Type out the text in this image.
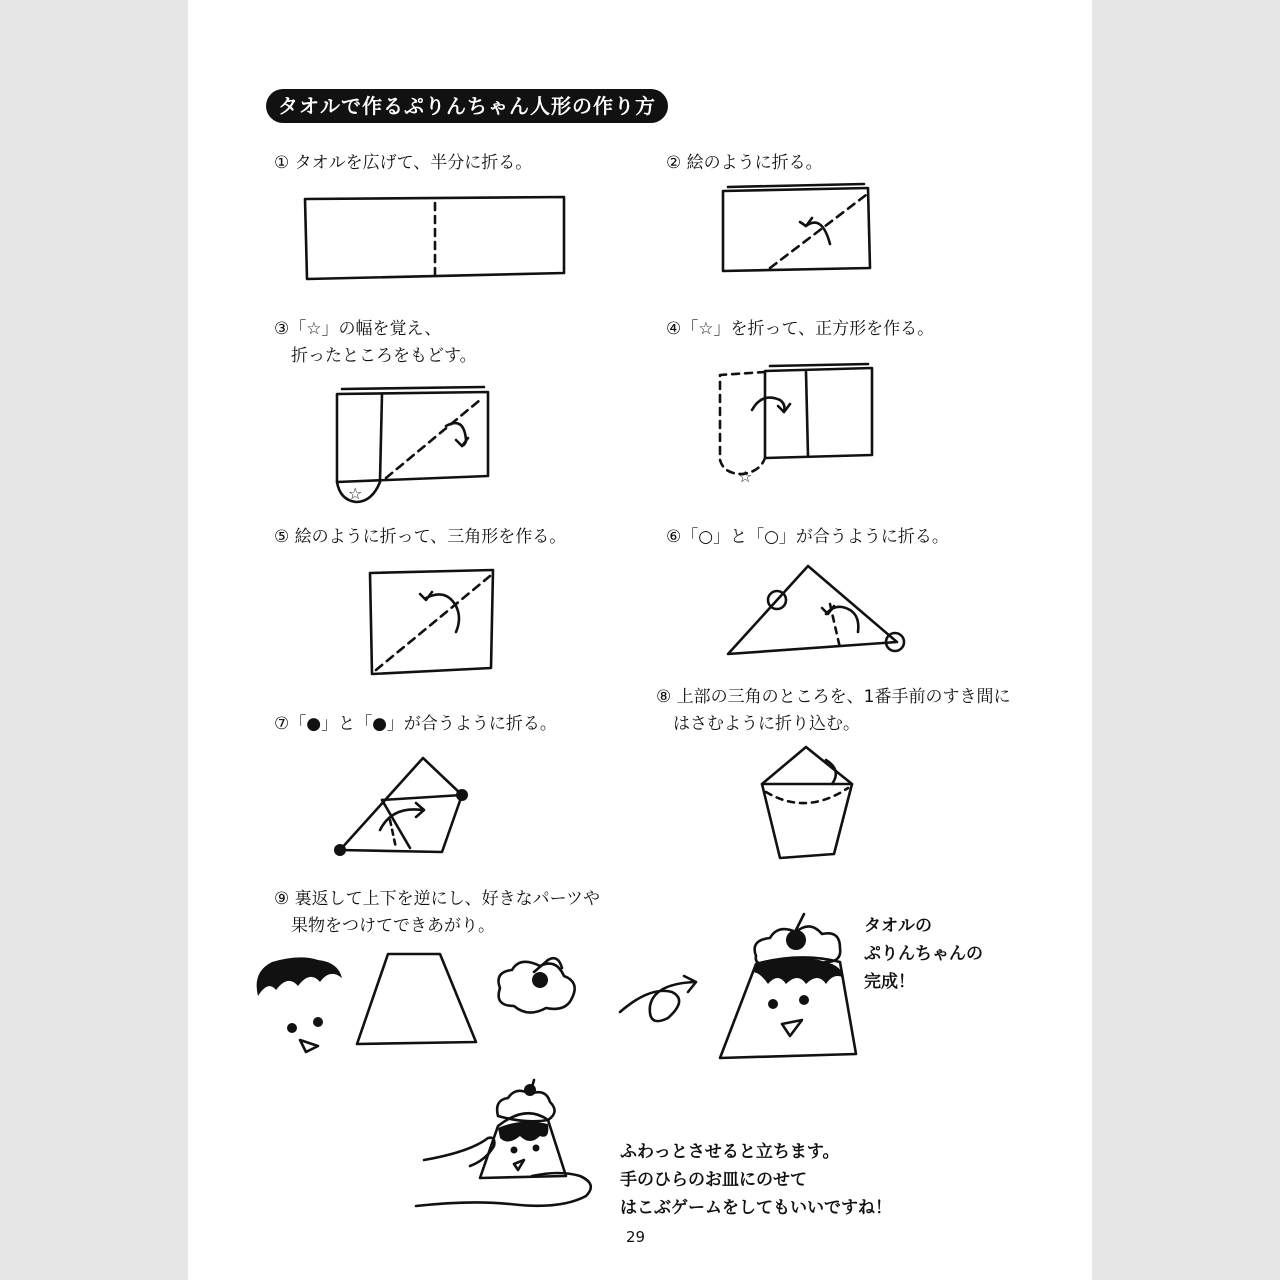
タオルで作るぷりんちゃん人形の作り方
① タオルを広げて、半分に折る。	② 絵のように折る。
③「☆」の幅を覚え、
　折ったところをもどす。
④「☆」を折って、正方形を作る。
⑤ 絵のように折って、三角形を作る。	⑥「○」と「○」が合うように折る。
⑦「●」と「●」が合うように折る。
⑧ 上部の三角のところを、1番手前のすき間に
　はさむように折り込む。
⑨ 裏返して上下を逆にし、好きなパーツや
　果物をつけてできあがり。	タオルの
ぷりんちゃんの
完成！
ふわっとさせると立ちます。
手のひらのお皿にのせて
はこぶゲームをしてもいいですね！
29
☆
☆
